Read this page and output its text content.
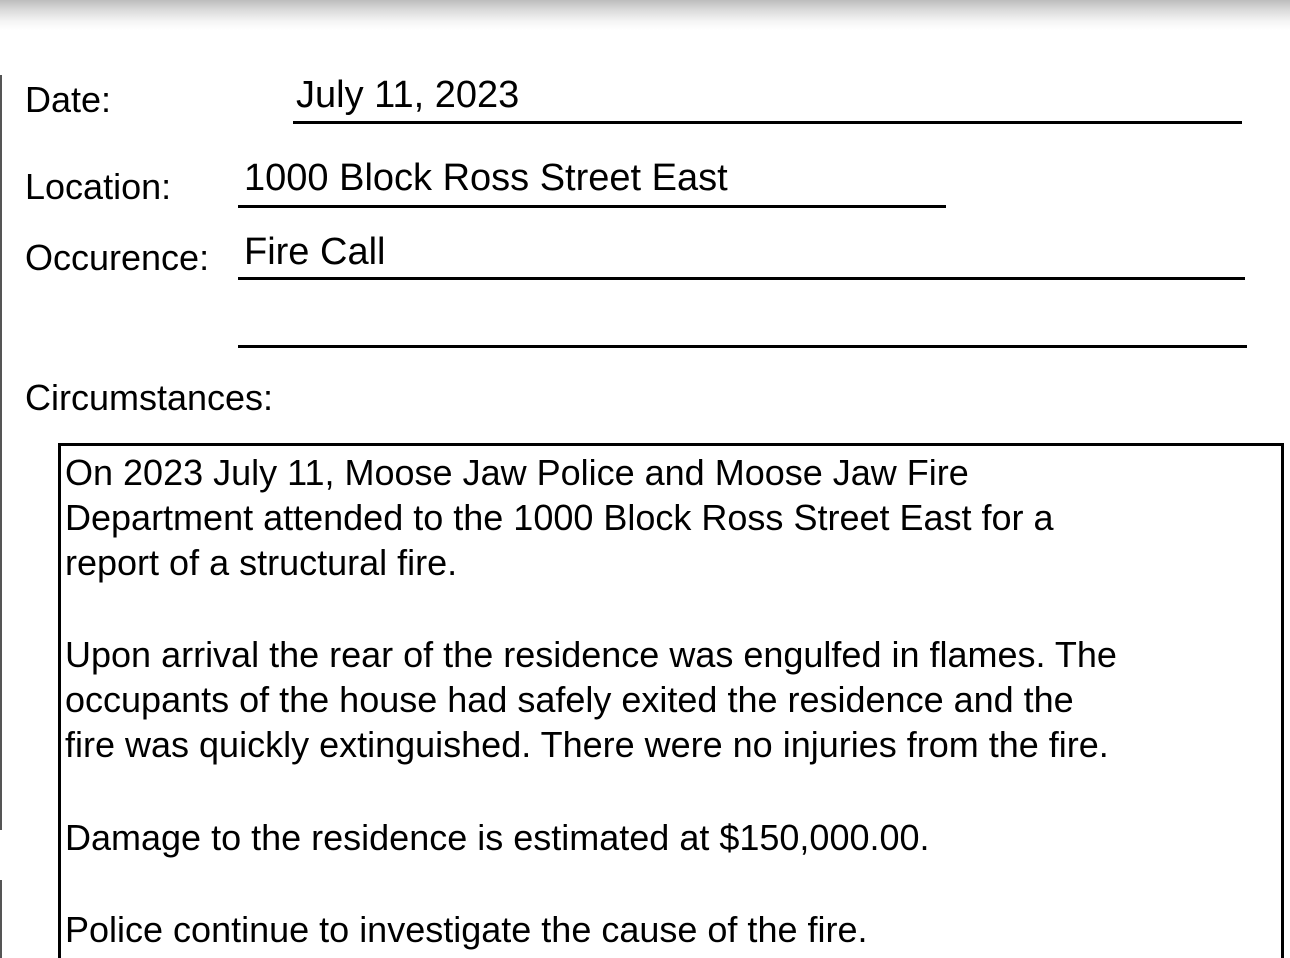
Date:	July 11, 2023
Location: 1000 Block Ross Street East
Occurence: Fire Call
Circumstances:
On 2023 July 11, Moose Jaw Police and Moose Jaw Fire
Department attended to the 1000 Block Ross Street East for a
report of a structural fire.
Upon arrival the rear of the residence was engulfed in flames. The
occupants of the house had safely exited the residence and the
fire was quickly extinguished. There were no injuries from the fire.
Damage to the residence is estimated at $150,000.00.
Police continue to investigate the cause of the fire.
